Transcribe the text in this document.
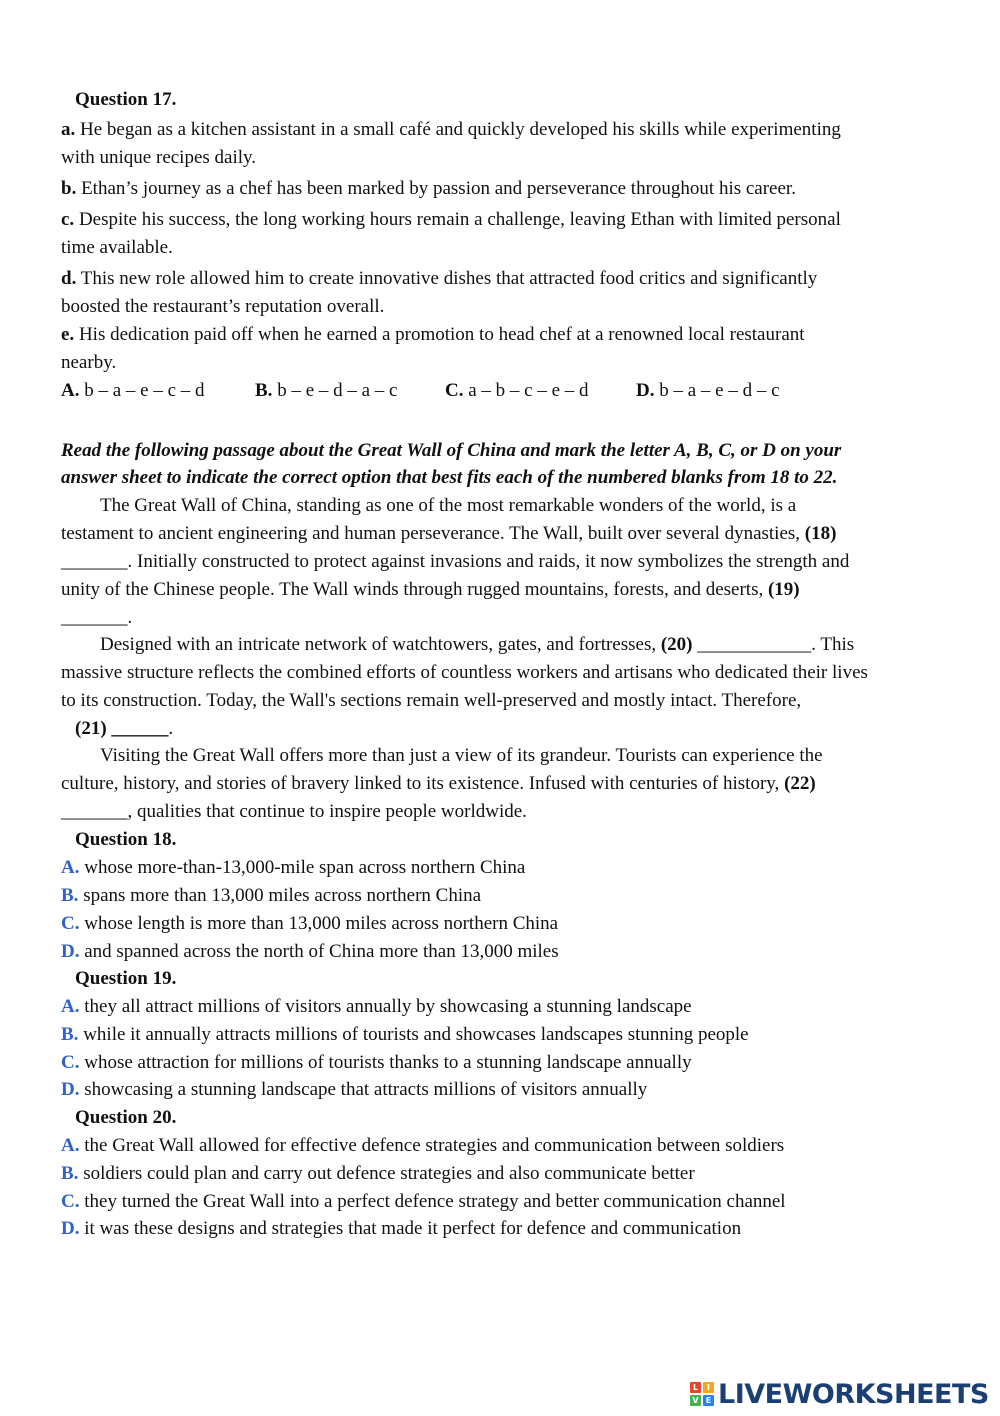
Question 17.
a. He began as a kitchen assistant in a small café and quickly developed his skills while experimenting
with unique recipes daily.
b. Ethan’s journey as a chef has been marked by passion and perseverance throughout his career.
c. Despite his success, the long working hours remain a challenge, leaving Ethan with limited personal
time available.
d. This new role allowed him to create innovative dishes that attracted food critics and significantly
boosted the restaurant’s reputation overall.
e. His dedication paid off when he earned a promotion to head chef at a renowned local restaurant
nearby.
A. b – a – e – c – d	B. b – e – d – a – c	C. a – b – c – e – d D. b – a – e – d – c
Read the following passage about the Great Wall of China and mark the letter A, B, C, or D on your
answer sheet to indicate the correct option that best fits each of the numbered blanks from 18 to 22.
The Great Wall of China, standing as one of the most remarkable wonders of the world, is a
testament to ancient engineering and human perseverance. The Wall, built over several dynasties, (18)
_______. Initially constructed to protect against invasions and raids, it now symbolizes the strength and
unity of the Chinese people. The Wall winds through rugged mountains, forests, and deserts, (19)
_______.
Designed with an intricate network of watchtowers, gates, and fortresses, (20) ____________. This
massive structure reflects the combined efforts of countless workers and artisans who dedicated their lives
to its construction. Today, the Wall's sections remain well-preserved and mostly intact. Therefore,
(21) ______.
Visiting the Great Wall offers more than just a view of its grandeur. Tourists can experience the
culture, history, and stories of bravery linked to its existence. Infused with centuries of history, (22)
_______, qualities that continue to inspire people worldwide.
Question 18.
A. whose more-than-13,000-mile span across northern China
B. spans more than 13,000 miles across northern China
C. whose length is more than 13,000 miles across northern China
D. and spanned across the north of China more than 13,000 miles
Question 19.
A. they all attract millions of visitors annually by showcasing a stunning landscape
B. while it annually attracts millions of tourists and showcases landscapes stunning people
C. whose attraction for millions of tourists thanks to a stunning landscape annually
D. showcasing a stunning landscape that attracts millions of visitors annually
Question 20.
A. the Great Wall allowed for effective defence strategies and communication between soldiers
B. soldiers could plan and carry out defence strategies and also communicate better
C. they turned the Great Wall into a perfect defence strategy and better communication channel
D. it was these designs and strategies that made it perfect for defence and communication
L	I
V E LIVEWORKSHEETS
